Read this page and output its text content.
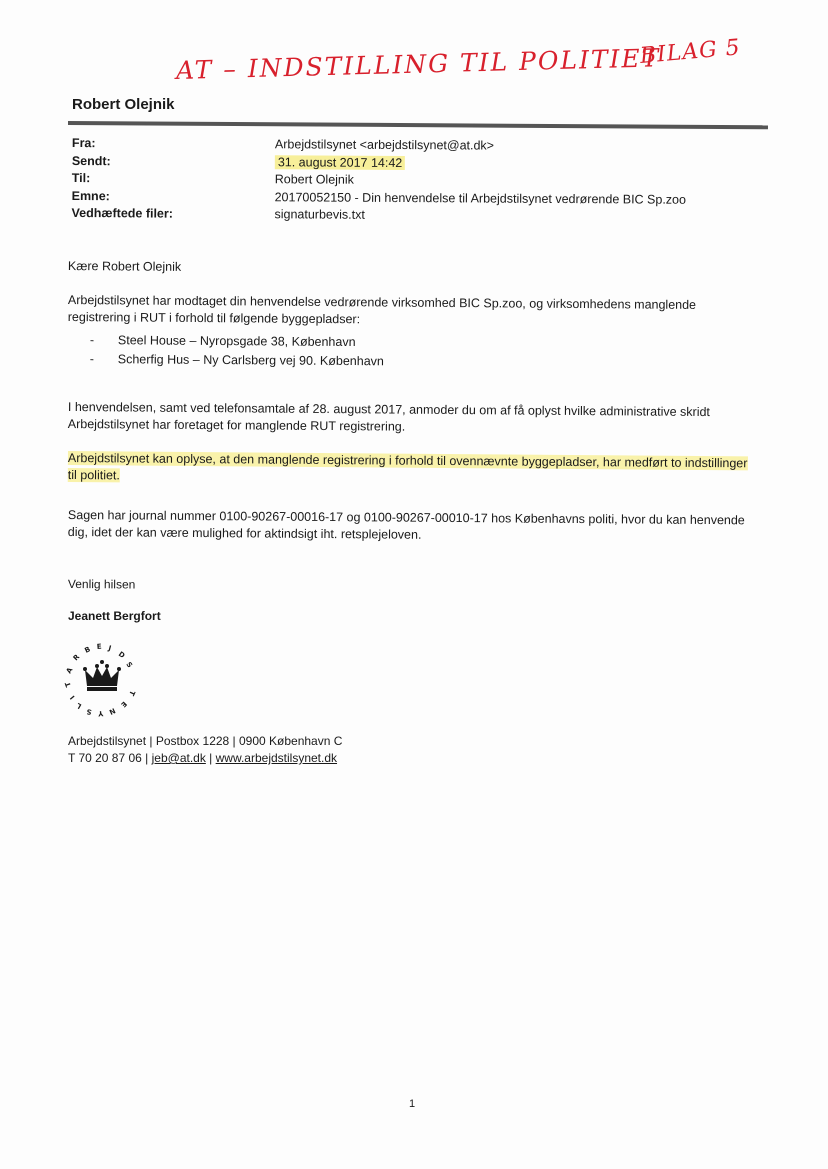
AT – INDSTILLING TIL POLITIET
BILAG 5
Robert Olejnik
Fra:	Arbejdstilsynet <arbejdstilsynet@at.dk>
Sendt:	31. august 2017 14:42
Til:	Robert Olejnik
Emne:	20170052150 - Din henvendelse til Arbejdstilsynet vedrørende BIC Sp.zoo
Vedhæftede filer:	signaturbevis.txt
Kære Robert Olejnik
Arbejdstilsynet har modtaget din henvendelse vedrørende virksomhed BIC Sp.zoo, og virksomhedens manglende registrering i RUT i forhold til følgende byggepladser:
- Steel House – Nyropsgade 38, København
- Scherfig Hus – Ny Carlsberg vej 90. København
I henvendelsen, samt ved telefonsamtale af 28. august 2017, anmoder du om af få oplyst hvilke administrative skridt Arbejdstilsynet har foretaget for manglende RUT registrering.
Arbejdstilsynet kan oplyse, at den manglende registrering i forhold til ovennævnte byggepladser, har medført to indstillinger til politiet.
Sagen har journal nummer 0100-90267-00016-17 og 0100-90267-00010-17 hos Københavns politi, hvor du kan henvende dig, idet der kan være mulighed for aktindsigt iht. retsplejeloven.
Venlig hilsen
Jeanett Bergfort
A
R
B E J
D
S
T
I
L
S Y N
E
T
Arbejdstilsynet | Postbox 1228 | 0900 København C
T 70 20 87 06 | jeb@at.dk | www.arbejdstilsynet.dk
1
